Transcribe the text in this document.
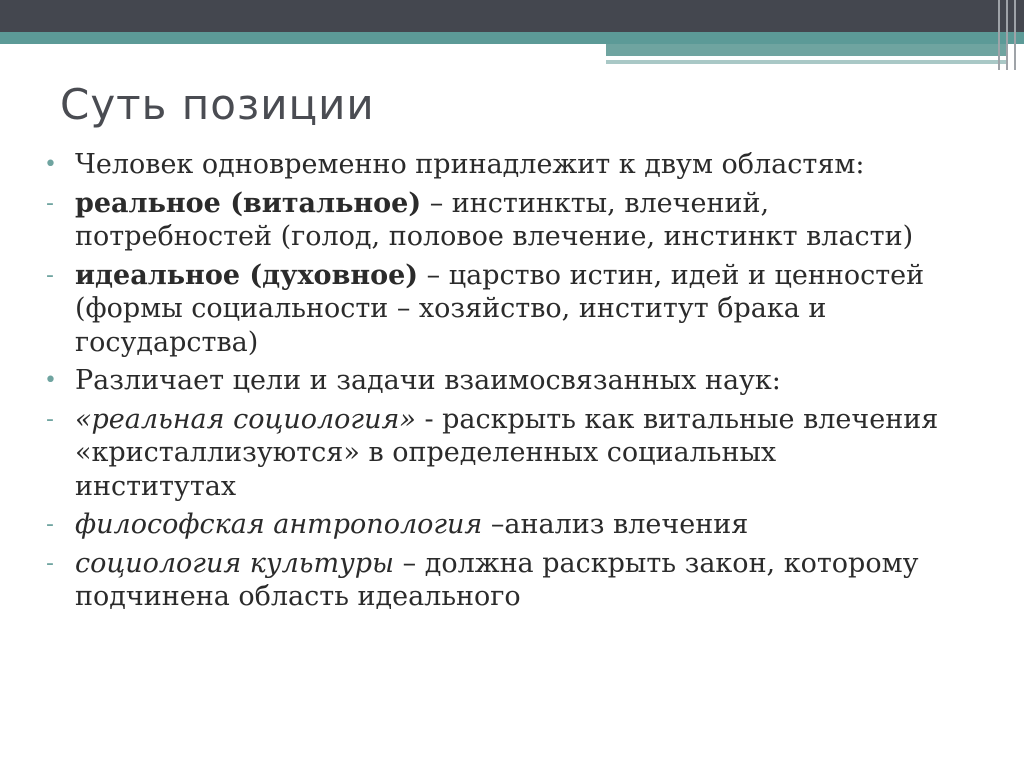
Суть позиции
• Человек одновременно принадлежит к двум областям:
- реальное (витальное) – инстинкты, влечений, потребностей (голод, половое влечение, инстинкт власти)
- идеальное (духовное) – царство истин, идей и ценностей (формы социальности – хозяйство, институт брака и государства)
• Различает цели и задачи взаимосвязанных наук:
- «реальная социология» - раскрыть как витальные влечения «кристаллизуются» в определенных социальных институтах
- философская антропология –анализ влечения
- социология культуры – должна раскрыть закон, которому подчинена область идеального
